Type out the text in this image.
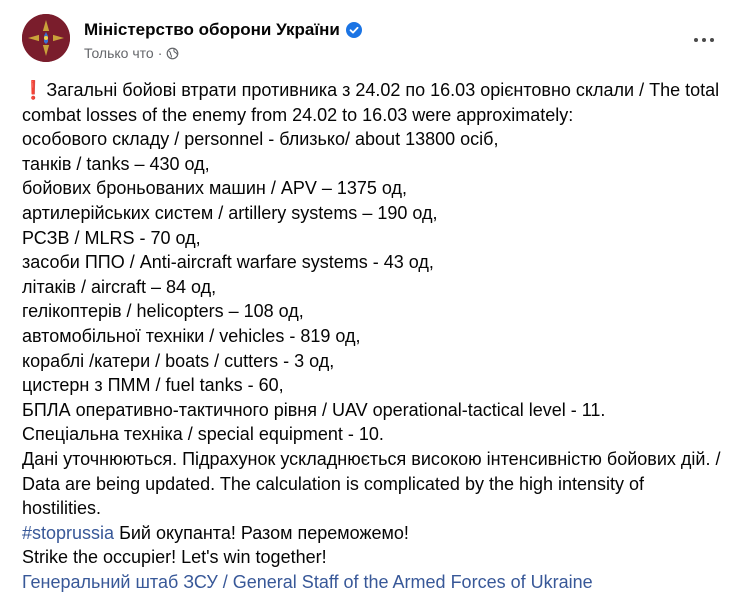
Міністерство оборони України
Только что ·
❗ Загальні бойові втрати противника з 24.02 по 16.03 орієнтовно склали / The total combat losses of the enemy from 24.02 to 16.03 were approximately:
особового складу / personnel - близько/ about 13800 осіб,
танків / tanks – 430 од,
бойових броньованих машин / APV – 1375 од,
артилерійських систем / artillery systems – 190 од,
РСЗВ / MLRS - 70 од,
засоби ППО / Anti-aircraft warfare systems - 43 од,
літаків / aircraft – 84 од,
гелікоптерів / helicopters – 108 од,
автомобільної техніки / vehicles - 819 од,
кораблі /катери / boats / cutters - 3 од,
цистерн з ПММ / fuel tanks - 60,
БПЛА оперативно-тактичного рівня / UAV operational-tactical level - 11.
Спеціальна техніка / special equipment - 10.
Дані уточнюються. Підрахунок ускладнюється високою інтенсивністю бойових дій. / Data are being updated. The calculation is complicated by the high intensity of hostilities.
#stoprussia Бий окупанта! Разом переможемо!
Strike the occupier! Let's win together!
Генеральний штаб ЗСУ / General Staff of the Armed Forces of Ukraine
